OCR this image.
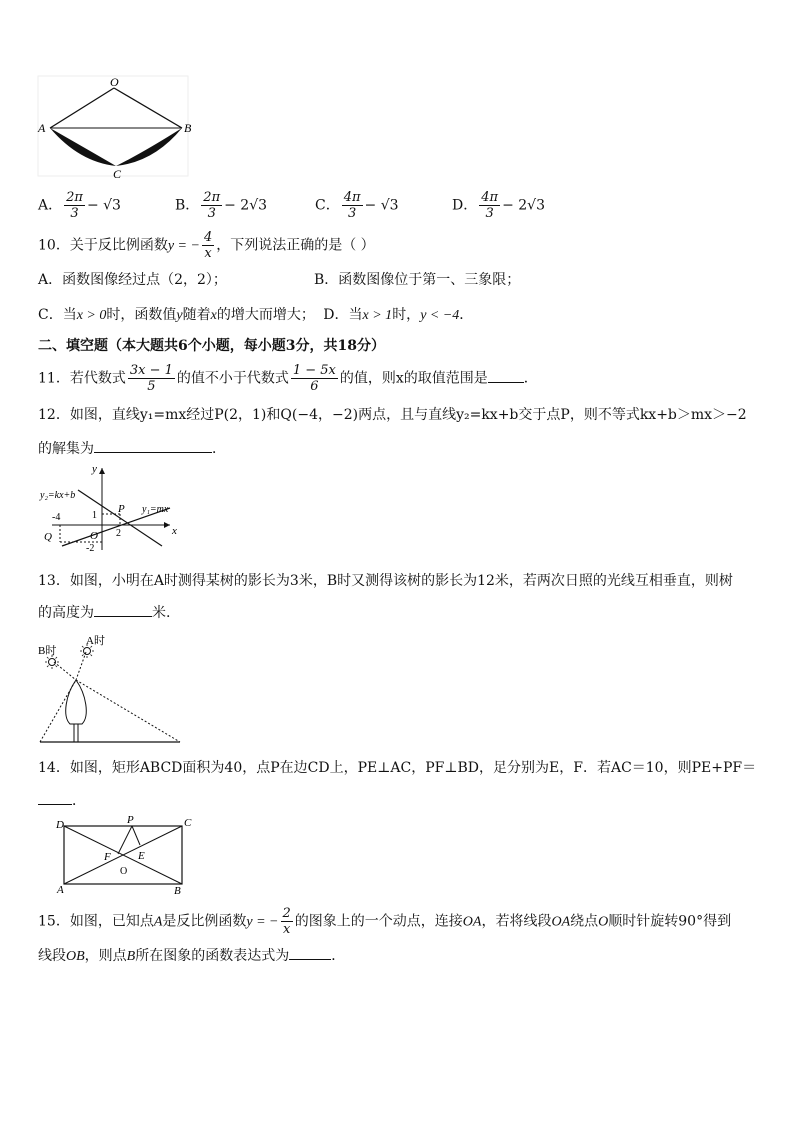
O
A	B
C
A． $\frac{2\pi}{3} - √3$	B． $\frac{2\pi}{3} - 2√3$	C． $\frac{4\pi}{3} - √3$	D． $\frac{4\pi}{3} - 2√3$
10．关于反比例函数y = − $\frac{4}{x}$ ，下列说法正确的是（ ）
A．函数图像经过点（2，2）；	B．函数图像位于第一、三象限；
C．当x > 0时，函数值y随着x的增大而增大； D．当x > 1时，y < −4．
二、填空题（本大题共6个小题，每小题3分，共18分）
11．若代数式 $\frac{3x - 1}{5}$ 的值不小于代数式 $\frac{1 - 5x}{6}$ 的值，则x的取值范围是	．
12．如图，直线y₁=mx经过P(2，1)和Q(−4，−2)两点，且与直线y₂=kx+b交于点P，则不等式kx+b＞mx＞−2
的解集为	．
y
x
y₂=kx+b
y₁=mx
P
Q	O
-4
-2
1
2
13．如图，小明在A时测得某树的影长为3米，B时又测得该树的影长为12米，若两次日照的光线互相垂直，则树
的高度为	米.
B时
A时
14．如图，矩形ABCD面积为40，点P在边CD上，PE⊥AC，PF⊥BD，足分别为E，F．若AC＝10，则PE+PF＝
．
D	P	C
F E
O
A	B
15．如图，已知点A是反比例函数y = − $\frac{2}{x}$ 的图象上的一个动点，连接OA，若将线段OA绕点O顺时针旋转90°得到
线段OB，则点B所在图象的函数表达式为	．
